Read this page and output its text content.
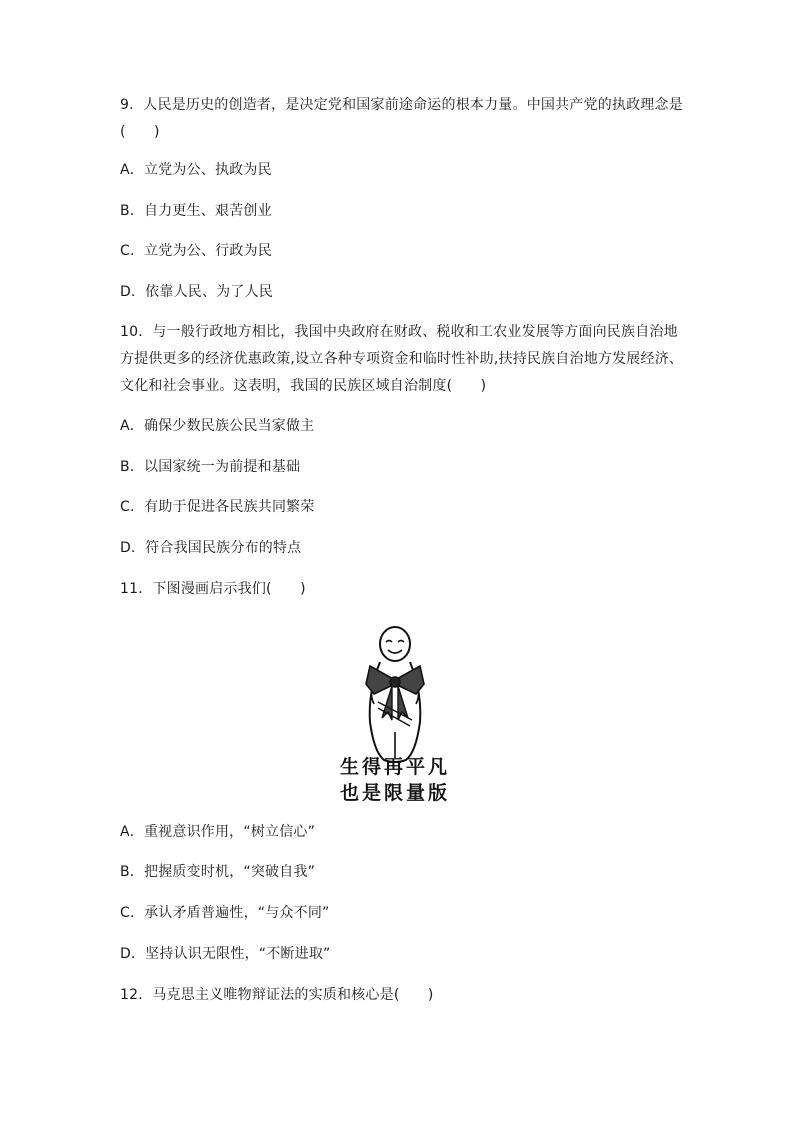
9．人民是历史的创造者，是决定党和国家前途命运的根本力量。中国共产党的执政理念是
(　　)
A．立党为公、执政为民
B．自力更生、艰苦创业
C．立党为公、行政为民
D．依靠人民、为了人民
10．与一般行政地方相比，我国中央政府在财政、税收和工农业发展等方面向民族自治地
方提供更多的经济优惠政策,设立各种专项资金和临时性补助,扶持民族自治地方发展经济、
文化和社会事业。这表明，我国的民族区域自治制度(　　)
A．确保少数民族公民当家做主
B．以国家统一为前提和基础
C．有助于促进各民族共同繁荣
D．符合我国民族分布的特点
11．下图漫画启示我们(　　)
生得再平凡
也是限量版
A．重视意识作用，“树立信心”
B．把握质变时机，“突破自我”
C．承认矛盾普遍性，“与众不同”
D．坚持认识无限性，“不断进取”
12．马克思主义唯物辩证法的实质和核心是(　　)
